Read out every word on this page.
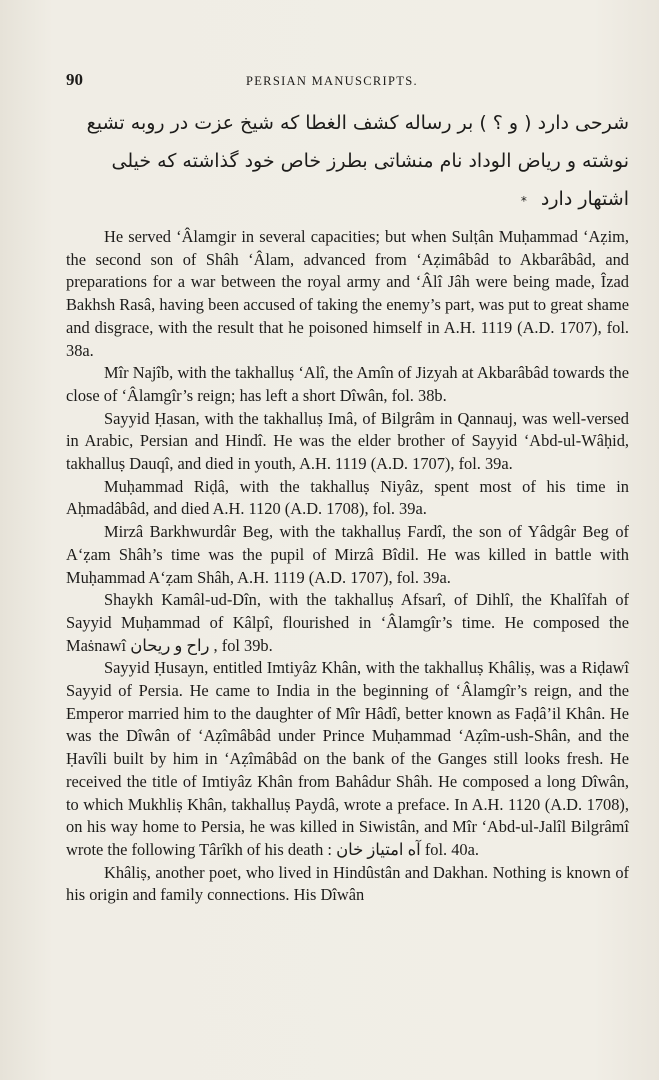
90	PERSIAN MANUSCRIPTS.
شرحی دارد ( و ؟ ) بر رساله کشف الغطا که شیخ عزت در روبه تشیع
نوشته و ریاض الوداد نام منشاتی بطرز خاص خود گذاشته که خیلی
اشتهار دارد *

He served ‘Âlamgir in several capacities; but when Sulṭân Muḥammad ‘Aẓim, the second son of Shâh ‘Âlam, advanced from ‘Aẓimâbâd to Akbarâbâd, and preparations for a war between the royal army and ‘Âlî Jâh were being made, Îzad Bakhsh Rasâ, having been accused of taking the enemy’s part, was put to great shame and disgrace, with the result that he poisoned himself in A.H. 1119 (A.D. 1707), fol. 38a.

Mîr Najîb, with the takhalluṣ ‘Alî, the Amîn of Jizyah at Akbarâbâd towards the close of ‘Âlamgîr’s reign; has left a short Dîwân, fol. 38b.

Sayyid Ḥasan, with the takhalluṣ Imâ, of Bilgrâm in Qannauj, was well-versed in Arabic, Persian and Hindî. He was the elder brother of Sayyid ‘Abd-ul-Wâḥid, takhalluṣ Dauqî, and died in youth, A.H. 1119 (A.D. 1707), fol. 39a.

Muḥammad Riḍâ, with the takhalluṣ Niyâz, spent most of his time in Aḥmadâbâd, and died A.H. 1120 (A.D. 1708), fol. 39a.

Mirzâ Barkhwurdâr Beg, with the takhalluṣ Fardî, the son of Yâdgâr Beg of A‘ẓam Shâh’s time was the pupil of Mirzâ Bîdil. He was killed in battle with Muḥammad A‘ẓam Shâh, A.H. 1119 (A.D. 1707), fol. 39a.

Shaykh Kamâl-ud-Dîn, with the takhalluṣ Afsarî, of Dihlî, the Khalîfah of Sayyid Muḥammad of Kâlpî, flourished in ‘Âlamgîr’s time. He composed the Maṡnawî راح و ريحان , fol 39b.

Sayyid Ḥusayn, entitled Imtiyâz Khân, with the takhalluṣ Khâliṣ, was a Riḍawî Sayyid of Persia. He came to India in the beginning of ‘Âlamgîr’s reign, and the Emperor married him to the daughter of Mîr Hâdî, better known as Faḍâ’il Khân. He was the Dîwân of ‘Aẓîmâbâd under Prince Muḥammad ‘Aẓîm-ush-Shân, and the Ḥavîli built by him in ‘Aẓîmâbâd on the bank of the Ganges still looks fresh. He received the title of Imtiyâz Khân from Bahâdur Shâh. He composed a long Dîwân, to which Mukhliṣ Khân, takhalluṣ Paydâ, wrote a preface. In A.H. 1120 (A.D. 1708), on his way home to Persia, he was killed in Siwistân, and Mîr ‘Abd-ul-Jalîl Bilgrâmî wrote the following Târîkh of his death : آه امتياز خان fol. 40a.

Khâliṣ, another poet, who lived in Hindûstân and Dakhan. Nothing is known of his origin and family connections. His Dîwân
